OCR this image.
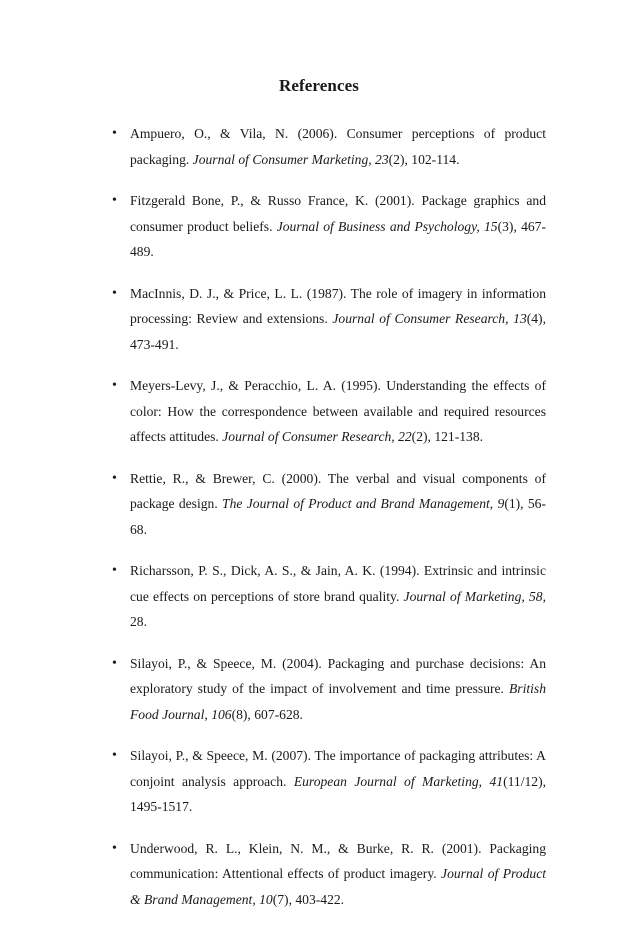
References
• Ampuero, O., & Vila, N. (2006). Consumer perceptions of product packaging. Journal of Consumer Marketing, 23(2), 102-114.
• Fitzgerald Bone, P., & Russo France, K. (2001). Package graphics and consumer product beliefs. Journal of Business and Psychology, 15(3), 467-489.
• MacInnis, D. J., & Price, L. L. (1987). The role of imagery in information processing: Review and extensions. Journal of Consumer Research, 13(4), 473-491.
• Meyers-Levy, J., & Peracchio, L. A. (1995). Understanding the effects of color: How the correspondence between available and required resources affects attitudes. Journal of Consumer Research, 22(2), 121-138.
• Rettie, R., & Brewer, C. (2000). The verbal and visual components of package design. The Journal of Product and Brand Management, 9(1), 56-68.
• Richarsson, P. S., Dick, A. S., & Jain, A. K. (1994). Extrinsic and intrinsic cue effects on perceptions of store brand quality. Journal of Marketing, 58, 28.
• Silayoi, P., & Speece, M. (2004). Packaging and purchase decisions: An exploratory study of the impact of involvement and time pressure. British Food Journal, 106(8), 607-628.
• Silayoi, P., & Speece, M. (2007). The importance of packaging attributes: A conjoint analysis approach. European Journal of Marketing, 41(11/12), 1495-1517.
• Underwood, R. L., Klein, N. M., & Burke, R. R. (2001). Packaging communication: Attentional effects of product imagery. Journal of Product & Brand Management, 10(7), 403-422.
